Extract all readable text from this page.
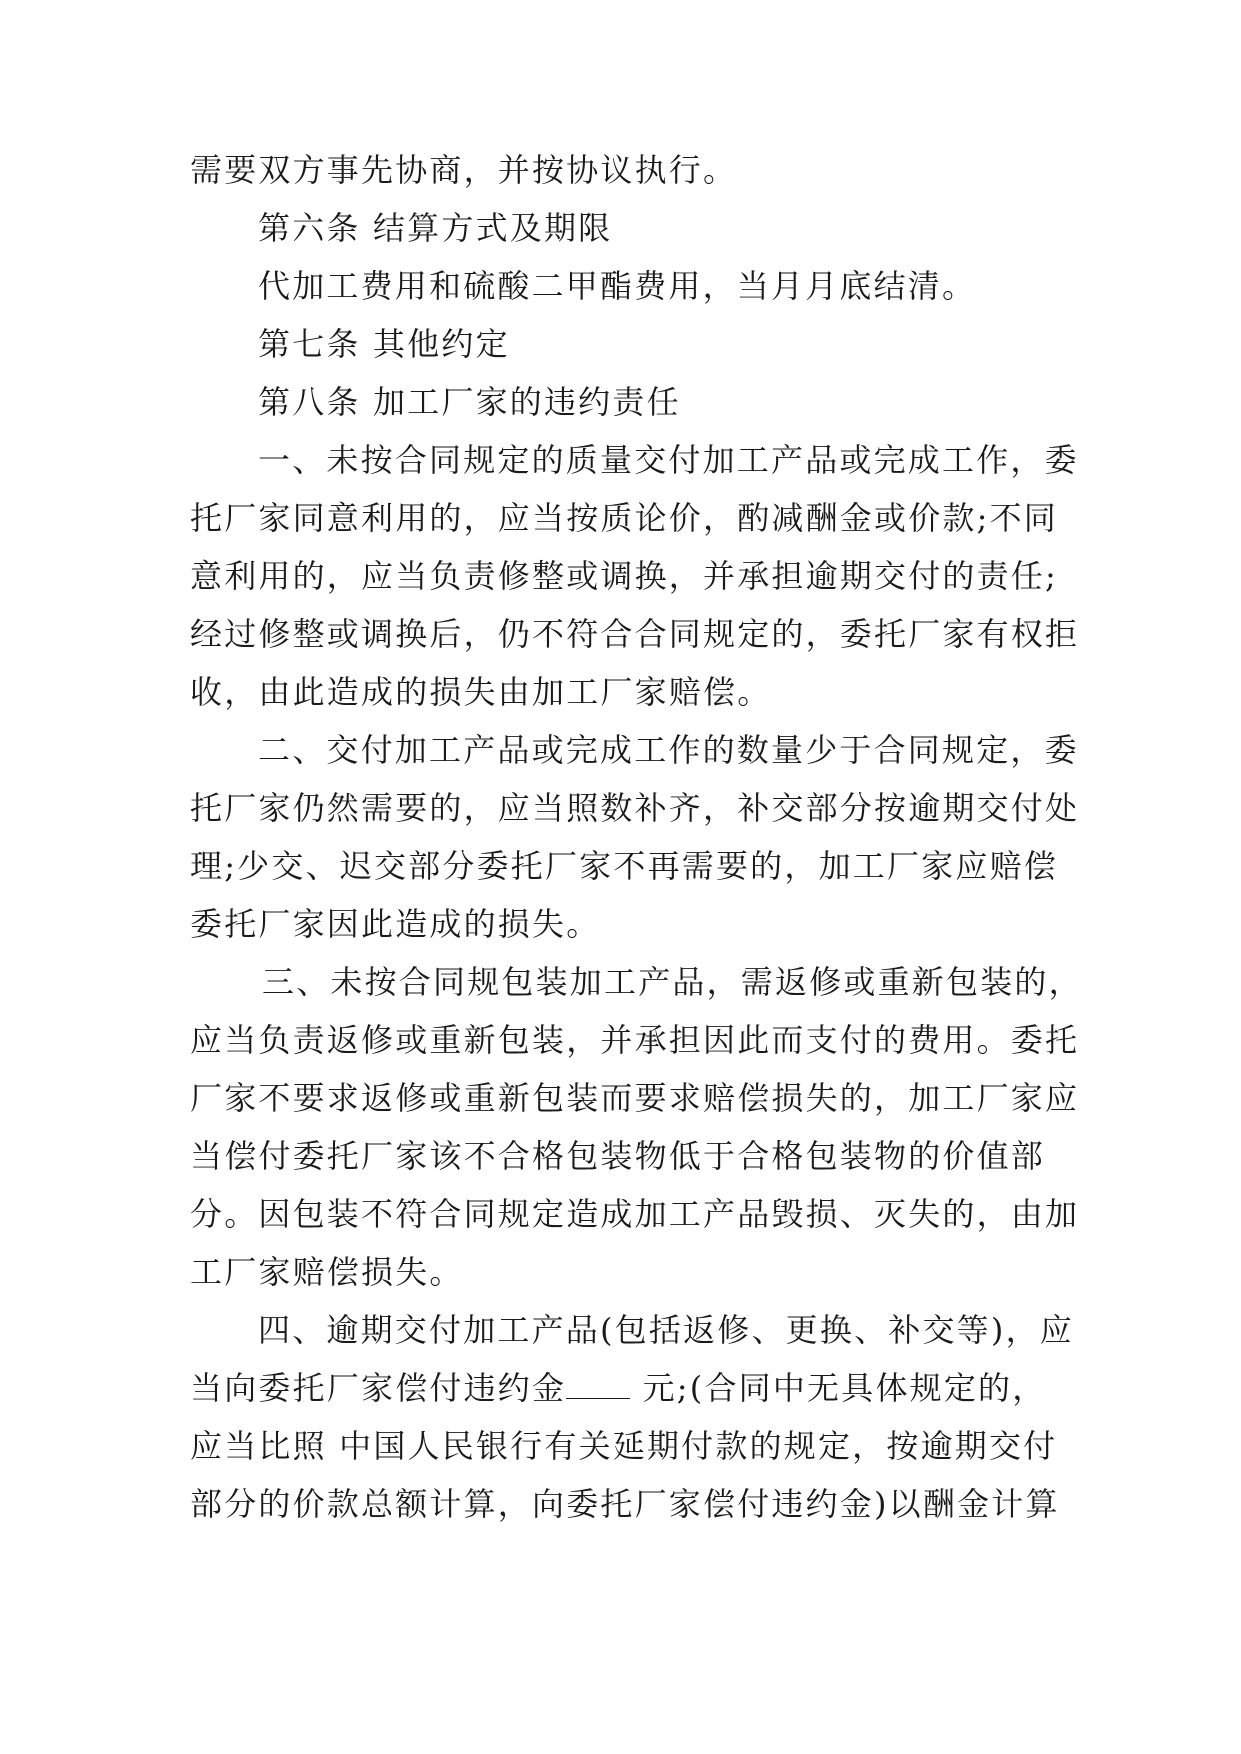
需要双方事先协商，并按协议执行。
第六条 结算方式及期限
代加工费用和硫酸二甲酯费用，当月月底结清。
第七条 其他约定
第八条 加工厂家的违约责任
一、未按合同规定的质量交付加工产品或完成工作，委
托厂家同意利用的，应当按质论价，酌减酬金或价款;不同
意利用的，应当负责修整或调换，并承担逾期交付的责任;
经过修整或调换后，仍不符合合同规定的，委托厂家有权拒
收，由此造成的损失由加工厂家赔偿。
二、交付加工产品或完成工作的数量少于合同规定，委
托厂家仍然需要的，应当照数补齐，补交部分按逾期交付处
理;少交、迟交部分委托厂家不再需要的，加工厂家应赔偿
委托厂家因此造成的损失。
三、未按合同规包装加工产品，需返修或重新包装的，
应当负责返修或重新包装，并承担因此而支付的费用。委托
厂家不要求返修或重新包装而要求赔偿损失的，加工厂家应
当偿付委托厂家该不合格包装物低于合格包装物的价值部
分。因包装不符合同规定造成加工产品毁损、灭失的，由加
工厂家赔偿损失。
四、逾期交付加工产品(包括返修、更换、补交等)，应
当向委托厂家偿付违约金 元;(合同中无具体规定的，
应当比照 中国人民银行有关延期付款的规定，按逾期交付
部分的价款总额计算，向委托厂家偿付违约金)以酬金计算
